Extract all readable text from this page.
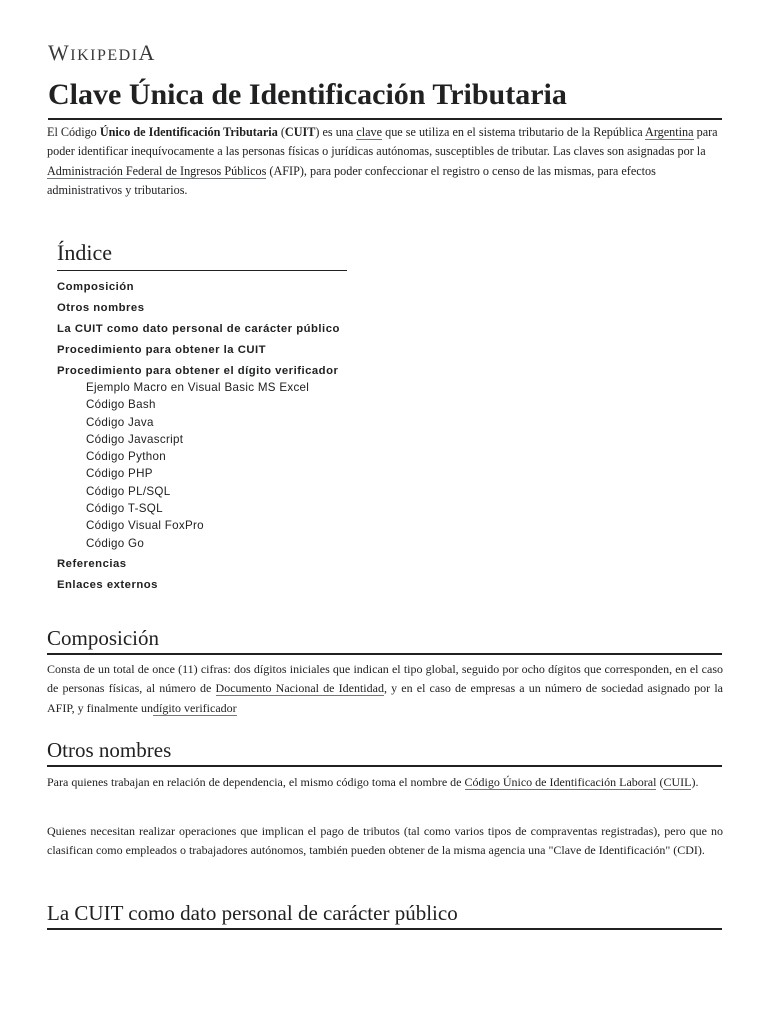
WIKIPEDIA
Clave Única de Identificación Tributaria

El Código Único de Identificación Tributaria (CUIT) es una clave que se utiliza en el sistema tributario de la República Argentina para poder identificar inequívocamente a las personas físicas o jurídicas autónomas, susceptibles de tributar. Las claves son asignadas por la Administración Federal de Ingresos Públicos (AFIP), para poder confeccionar el registro o censo de las mismas, para efectos administrativos y tributarios.

Índice
Composición
Otros nombres
La CUIT como dato personal de carácter público
Procedimiento para obtener la CUIT
Procedimiento para obtener el dígito verificador
Ejemplo Macro en Visual Basic MS Excel
Código Bash
Código Java
Código Javascript
Código Python
Código PHP
Código PL/SQL
Código T-SQL
Código Visual FoxPro
Código Go
Referencias
Enlaces externos
Composición

Consta de un total de once (11) cifras: dos dígitos iniciales que indican el tipo global, seguido por ocho dígitos que corresponden, en el caso de personas físicas, al número de Documento Nacional de Identidad, y en el caso de empresas a un número de sociedad asignado por la AFIP, y finalmente undígito verificador

Otros nombres

Para quienes trabajan en relación de dependencia, el mismo código toma el nombre de Código Único de Identificación Laboral (CUIL).

Quienes necesitan realizar operaciones que implican el pago de tributos (tal como varios tipos de compraventas registradas), pero que no clasifican como empleados o trabajadores autónomos, también pueden obtener de la misma agencia una "Clave de Identificación" (CDI).

La CUIT como dato personal de carácter público
